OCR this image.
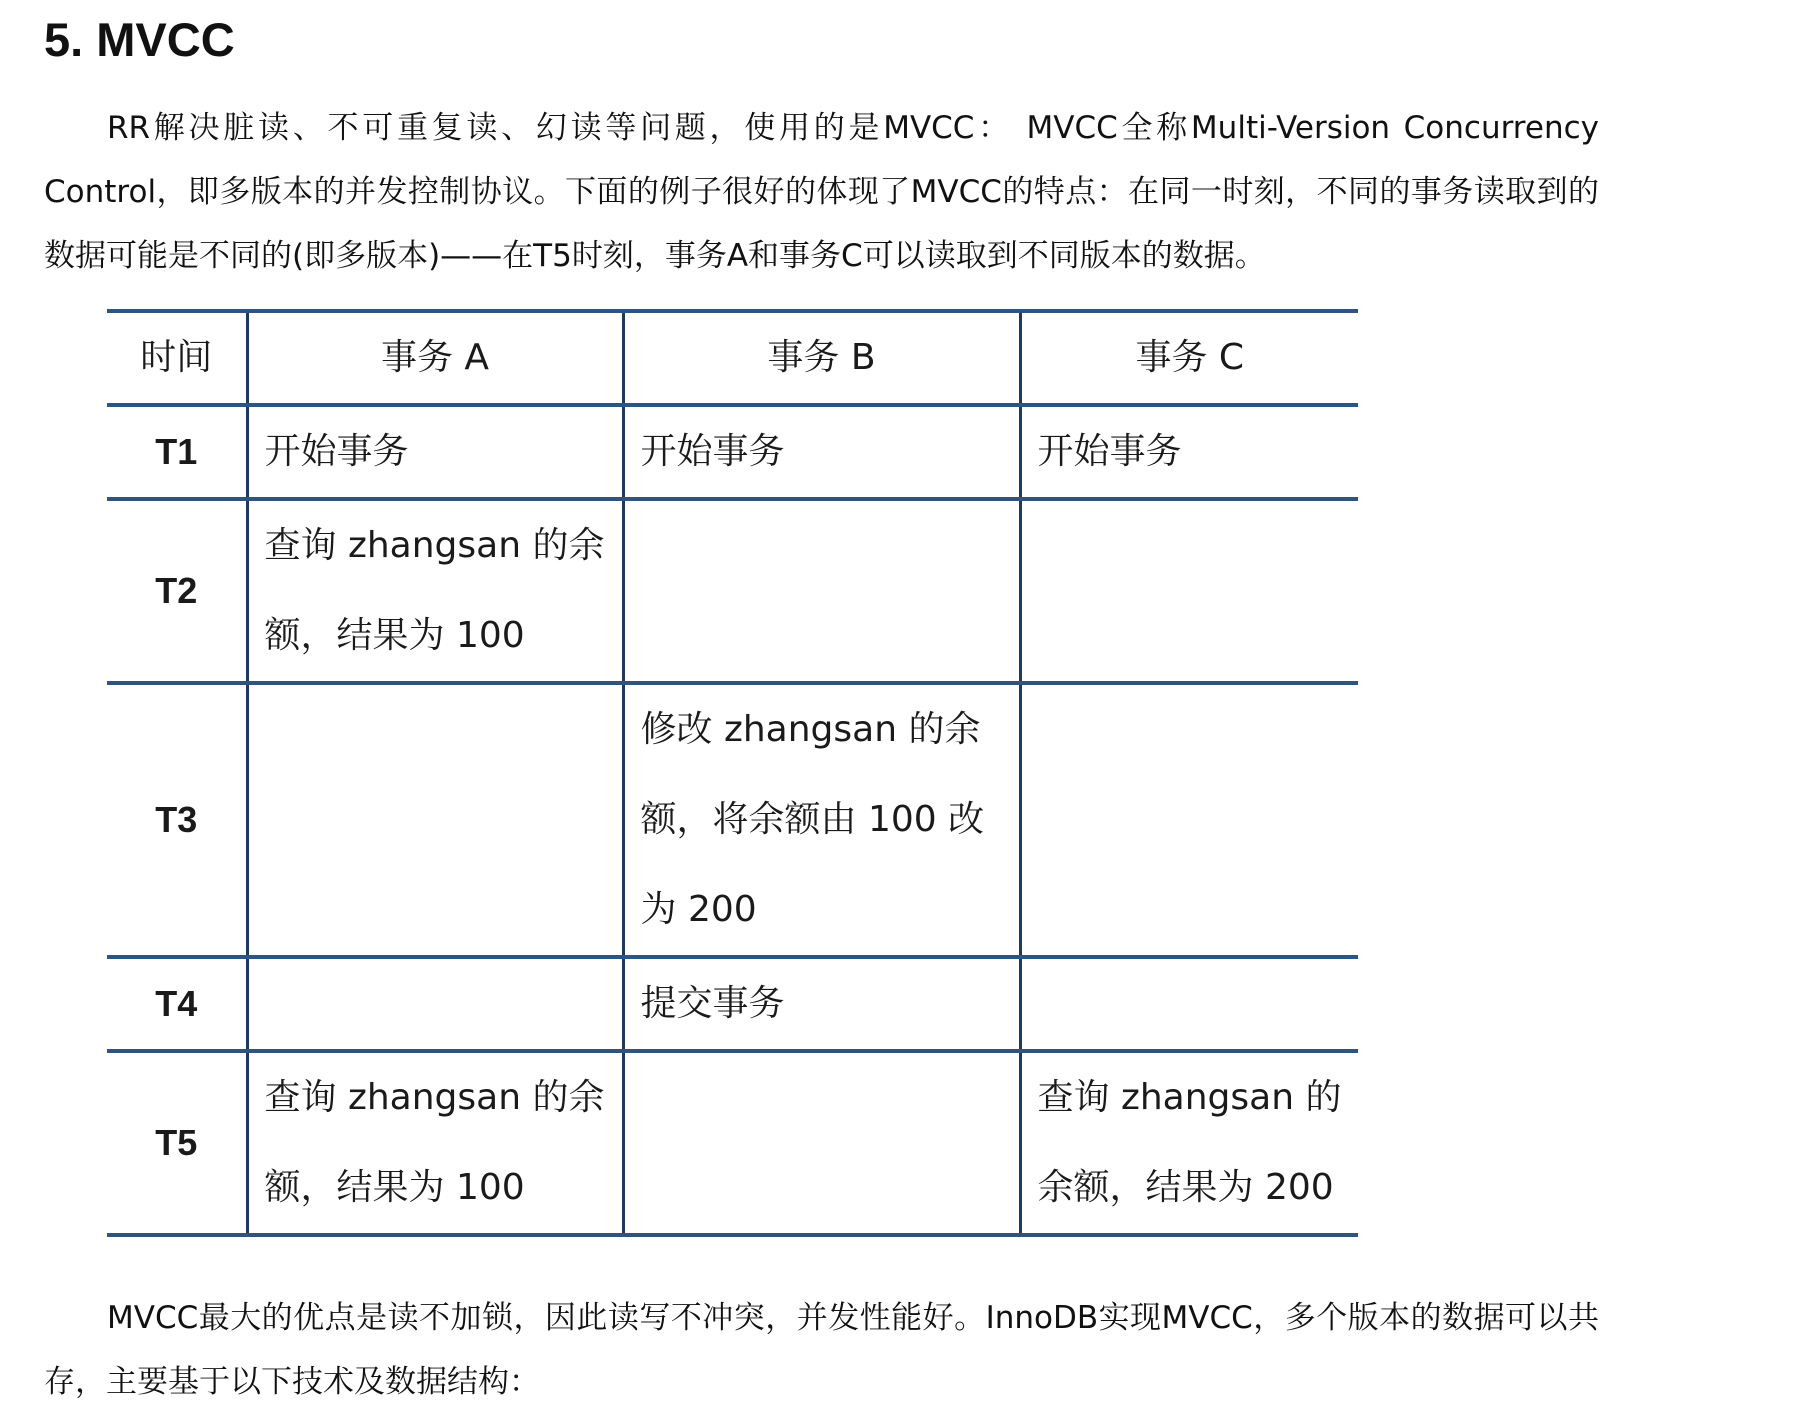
5. MVCC

RR解决脏读、不可重复读、幻读等问题，使用的是MVCC： MVCC全称Multi-Version Concurrency Control，即多版本的并发控制协议。下面的例子很好的体现了MVCC的特点：在同一时刻，不同的事务读取到的数据可能是不同的(即多版本)——在T5时刻，事务A和事务C可以读取到不同版本的数据。

时间	事务 A	事务 B	事务 C
T1	开始事务	开始事务	开始事务
T2	查询 zhangsan 的余额，结果为 100		
T3		修改 zhangsan 的余额，将余额由 100 改为 200	
T4		提交事务	
T5	查询 zhangsan 的余额，结果为 100		查询 zhangsan 的余额，结果为 200

MVCC最大的优点是读不加锁，因此读写不冲突，并发性能好。InnoDB实现MVCC，多个版本的数据可以共存，主要基于以下技术及数据结构：
